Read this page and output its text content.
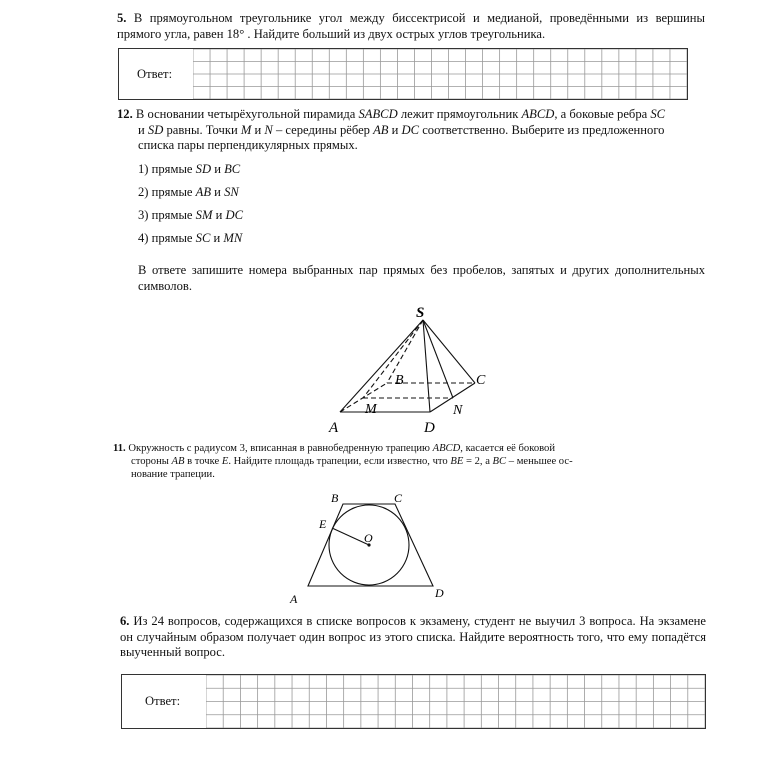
5. В прямоугольном треугольнике угол между биссектрисой и медианой, проведёнными из вершины прямого угла, равен 18° . Найдите больший из двух острых углов треугольника.
Ответ:
12. В основании четырёхугольной пирамида SABCD лежит прямоугольник ABCD, а боковые ребра SC
и SD равны. Точки M и N – середины рёбер AB и DC соответственно. Выберите из предложенного
списка пары перпендикулярных прямых.
1) прямые SD и BC
2) прямые AB и SN
3) прямые SM и DC
4) прямые SC и MN
В ответе запишите номера выбранных пар прямых без пробелов, запятых и других дополнительных символов.
S
B	C
M	N
A	D
11. Окружность с радиусом 3, вписанная в равнобедренную трапецию ABCD, касается её боковой
стороны AB в точке E. Найдите площадь трапеции, если известно, что BE = 2, а BC – меньшее ос-
нование трапеции.
B	C
E
O
A	D
6. Из 24 вопросов, содержащихся в списке вопросов к экзамену, студент не выучил 3 вопроса. На экзамене он случайным образом получает один вопрос из этого списка. Найдите вероятность того, что ему попадётся выученный вопрос.
Ответ:
